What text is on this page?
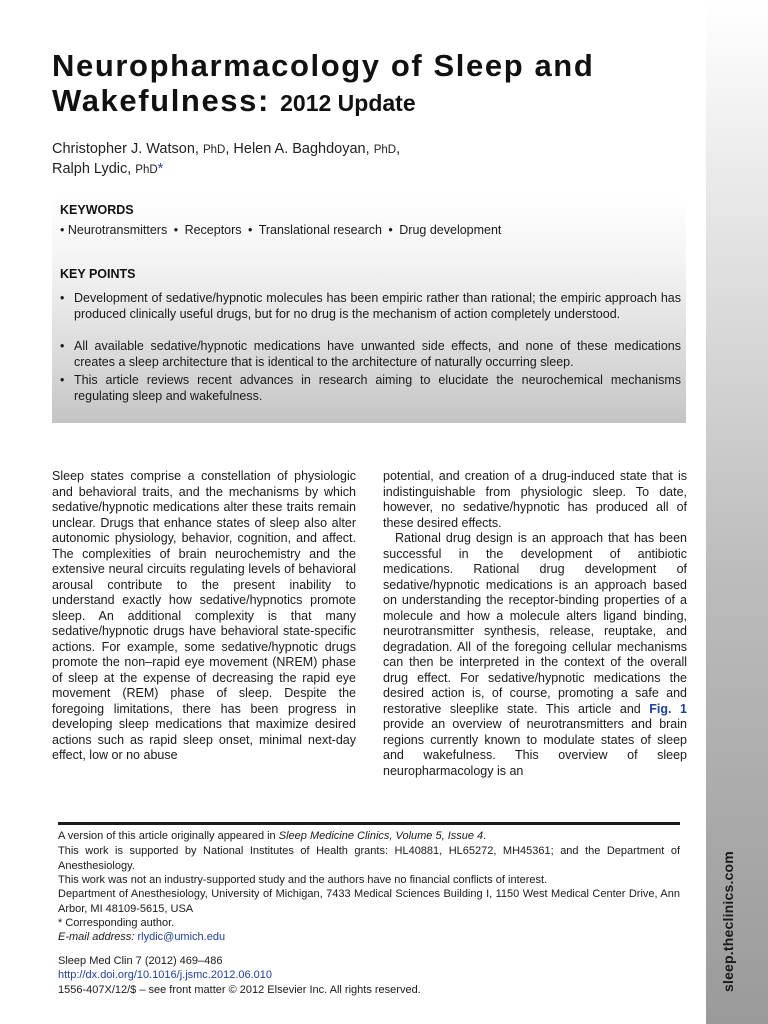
sleep.theclinics.com
Neuropharmacology of Sleep and Wakefulness: 2012 Update
Christopher J. Watson, PhD, Helen A. Baghdoyan, PhD,
Ralph Lydic, PhD*
KEYWORDS
• Neurotransmitters • Receptors • Translational research • Drug development
KEY POINTS
• Development of sedative/hypnotic molecules has been empiric rather than rational; the empiric approach has produced clinically useful drugs, but for no drug is the mechanism of action completely understood.
• All available sedative/hypnotic medications have unwanted side effects, and none of these medications creates a sleep architecture that is identical to the architecture of naturally occurring sleep.
• This article reviews recent advances in research aiming to elucidate the neurochemical mechanisms regulating sleep and wakefulness.

Sleep states comprise a constellation of physiologic and behavioral traits, and the mechanisms by which sedative/hypnotic medications alter these traits remain unclear. Drugs that enhance states of sleep also alter autonomic physiology, behavior, cognition, and affect. The complexities of brain neurochemistry and the extensive neural circuits regulating levels of behavioral arousal contribute to the present inability to understand exactly how sedative/hypnotics promote sleep. An additional complexity is that many sedative/hypnotic drugs have behavioral state-specific actions. For example, some sedative/hypnotic drugs promote the non–rapid eye movement (NREM) phase of sleep at the expense of decreasing the rapid eye movement (REM) phase of sleep. Despite the foregoing limitations, there has been progress in developing sleep medications that maximize desired actions such as rapid sleep onset, minimal next-day effect, low or no abuse

potential, and creation of a drug-induced state that is indistinguishable from physiologic sleep. To date, however, no sedative/hypnotic has produced all of these desired effects.

Rational drug design is an approach that has been successful in the development of antibiotic medications. Rational drug development of sedative/hypnotic medications is an approach based on understanding the receptor-binding properties of a molecule and how a molecule alters ligand binding, neurotransmitter synthesis, release, reuptake, and degradation. All of the foregoing cellular mechanisms can then be interpreted in the context of the overall drug effect. For sedative/hypnotic medications the desired action is, of course, promoting a safe and restorative sleeplike state. This article and Fig. 1 provide an overview of neurotransmitters and brain regions currently known to modulate states of sleep and wakefulness. This overview of sleep neuropharmacology is an

A version of this article originally appeared in Sleep Medicine Clinics, Volume 5, Issue 4.
This work is supported by National Institutes of Health grants: HL40881, HL65272, MH45361; and the Department of Anesthesiology.
This work was not an industry-supported study and the authors have no financial conflicts of interest.
Department of Anesthesiology, University of Michigan, 7433 Medical Sciences Building I, 1150 West Medical Center Drive, Ann Arbor, MI 48109-5615, USA
* Corresponding author.
E-mail address: rlydic@umich.edu
Sleep Med Clin 7 (2012) 469–486
http://dx.doi.org/10.1016/j.jsmc.2012.06.010
1556-407X/12/$ – see front matter © 2012 Elsevier Inc. All rights reserved.
